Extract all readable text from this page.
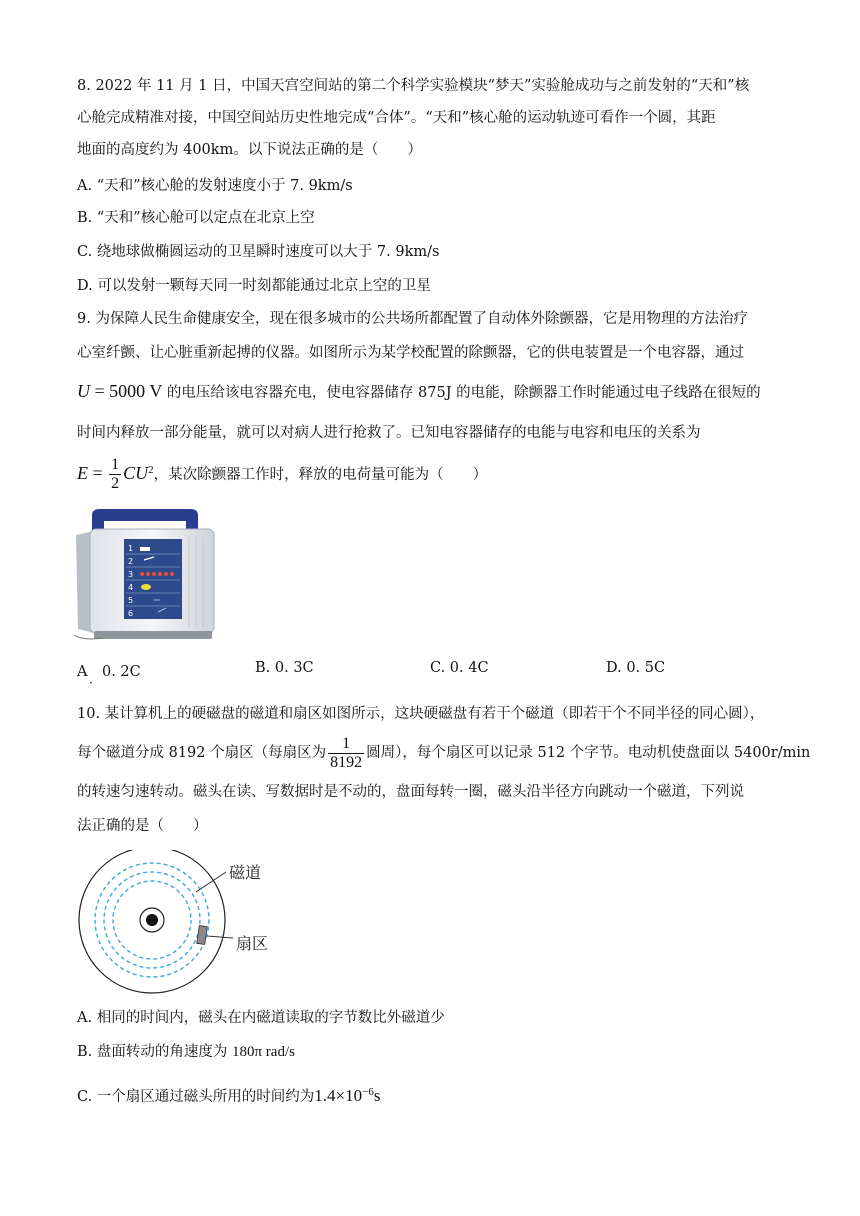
8. 2022 年 11 月 1 日，中国天宫空间站的第二个科学实验模块“梦天”实验舱成功与之前发射的“天和”核
心舱完成精准对接，中国空间站历史性地完成“合体”。“天和”核心舱的运动轨迹可看作一个圆，其距
地面的高度约为 400km。以下说法正确的是（　　）
A. “天和”核心舱的发射速度小于 7. 9km/s
B. “天和”核心舱可以定点在北京上空
C. 绕地球做椭圆运动的卫星瞬时速度可以大于 7. 9km/s
D. 可以发射一颗每天同一时刻都能通过北京上空的卫星
9. 为保障人民生命健康安全，现在很多城市的公共场所都配置了自动体外除颤器，它是用物理的方法治疗
心室纤颤、让心脏重新起搏的仪器。如图所示为某学校配置的除颤器，它的供电装置是一个电容器，通过
U = 5000 V 的电压给该电容器充电，使电容器储存 875J 的电能，除颤器工作时能通过电子线路在很短的
时间内释放一部分能量，就可以对病人进行抢救了。已知电容器储存的电能与电容和电压的关系为
$E = \frac{1}{2} CU^2$，某次除颤器工作时，释放的电荷量可能为（　　）
1
2
3
4
5
6
A　0. 2C
·
B. 0. 3C	C. 0. 4C	D. 0. 5C
10. 某计算机上的硬磁盘的磁道和扇区如图所示，这块硬磁盘有若干个磁道（即若干个不同半径的同心圆），
每个磁道分成 8192 个扇区（每扇区为 $\frac{1}{8192}$ 圆周），每个扇区可以记录 512 个字节。电动机使盘面以 5400r/min
的转速匀速转动。磁头在读、写数据时是不动的，盘面每转一圈，磁头沿半径方向跳动一个磁道，下列说
法正确的是（　　）
磁道
扇区
A. 相同的时间内，磁头在内磁道读取的字节数比外磁道少
B. 盘面转动的角速度为 180π rad/s
C. 一个扇区通过磁头所用的时间约为$1.4\times 10^{-6}s$
